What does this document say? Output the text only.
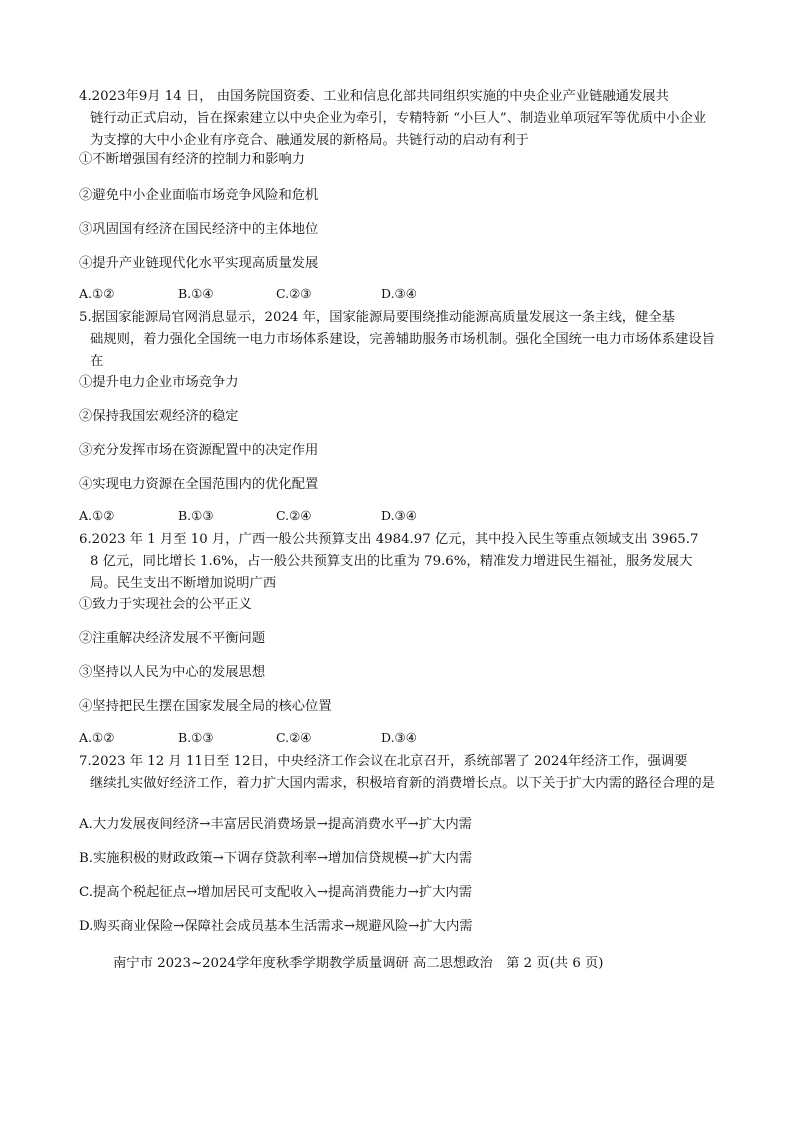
4.2023年9月 14 日， 由国务院国资委、工业和信息化部共同组织实施的中央企业产业链融通发展共
链行动正式启动，旨在探索建立以中央企业为牵引，专精特新 “小巨人”、制造业单项冠军等优质中小企业为支撑的大中小企业有序竞合、融通发展的新格局。共链行动的启动有利于
①不断增强国有经济的控制力和影响力
②避免中小企业面临市场竞争风险和危机
③巩固国有经济在国民经济中的主体地位
④提升产业链现代化水平实现高质量发展
A.①②	B.①④	C.②③	D.③④
5.据国家能源局官网消息显示，2024 年，国家能源局要围绕推动能源高质量发展这一条主线，健全基
础规则，着力强化全国统一电力市场体系建设，完善辅助服务市场机制。强化全国统一电力市场体系建设旨在
①提升电力企业市场竞争力
②保持我国宏观经济的稳定
③充分发挥市场在资源配置中的决定作用
④实现电力资源在全国范围内的优化配置
A.①②	B.①③	C.②④	D.③④
6.2023 年 1 月至 10 月，广西一般公共预算支出 4984.97 亿元，其中投入民生等重点领域支出 3965.7
8 亿元，同比增长 1.6%，占一般公共预算支出的比重为 79.6%，精准发力增进民生福祉，服务发展大局。民生支出不断增加说明广西
①致力于实现社会的公平正义
②注重解决经济发展不平衡问题
③坚持以人民为中心的发展思想
④坚持把民生摆在国家发展全局的核心位置
A.①②	B.①③	C.②④	D.③④
7.2023 年 12 月 11日至 12日，中央经济工作会议在北京召开，系统部署了 2024年经济工作，强调要
继续扎实做好经济工作，着力扩大国内需求，积极培育新的消费增长点。以下关于扩大内需的路径合理的是
A.大力发展夜间经济→丰富居民消费场景→提高消费水平→扩大内需
B.实施积极的财政政策→下调存贷款利率→增加信贷规模→扩大内需
C.提高个税起征点→增加居民可支配收入→提高消费能力→扩大内需
D.购买商业保险→保障社会成员基本生活需求→规避风险→扩大内需
南宁市 2023~2024学年度秋季学期教学质量调研 高二思想政治　第 2 页(共 6 页)
